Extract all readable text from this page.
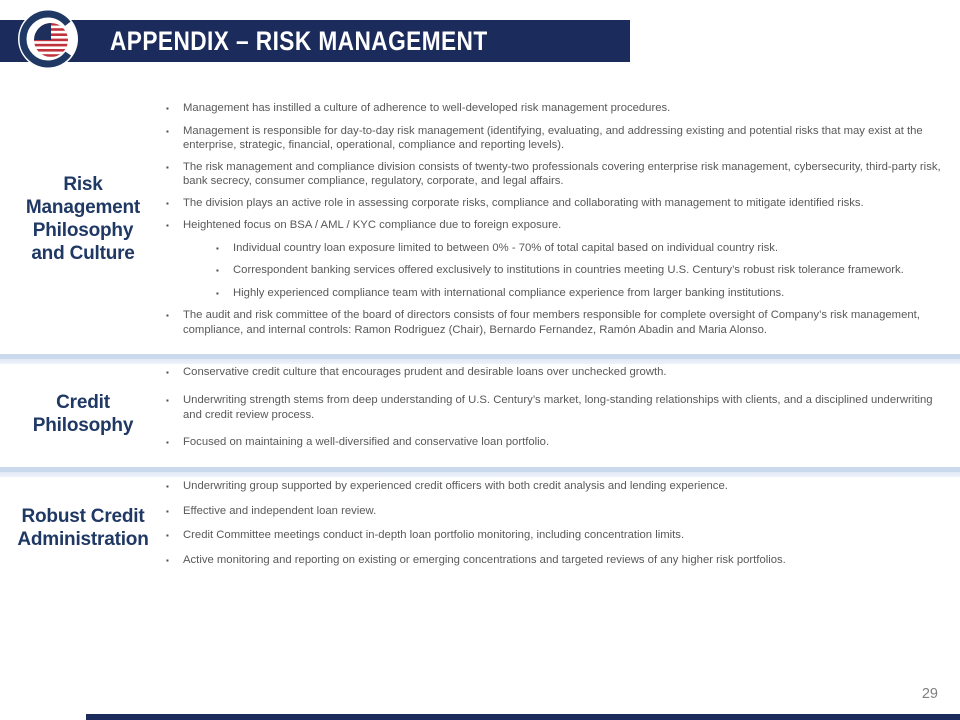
APPENDIX – RISK MANAGEMENT
Risk
Management
Philosophy
and Culture
▪
Management has instilled a culture of adherence to well-developed risk management procedures.
▪
Management is responsible for day-to-day risk management (identifying, evaluating, and addressing existing and potential risks that may exist at the enterprise, strategic, financial, operational, compliance and reporting levels).
▪
The risk management and compliance division consists of twenty-two professionals covering enterprise risk management, cybersecurity, third-party risk, bank secrecy, consumer compliance, regulatory, corporate, and legal affairs.
▪
The division plays an active role in assessing corporate risks, compliance and collaborating with management to mitigate identified risks.
▪
Heightened focus on BSA / AML / KYC compliance due to foreign exposure.
▪
Individual country loan exposure limited to between 0% - 70% of total capital based on individual country risk.
▪
Correspondent banking services offered exclusively to institutions in countries meeting U.S. Century’s robust risk tolerance framework.
▪
Highly experienced compliance team with international compliance experience from larger banking institutions.
▪
The audit and risk committee of the board of directors consists of four members responsible for complete oversight of Company’s risk management, compliance, and internal controls: Ramon Rodriguez (Chair), Bernardo Fernandez, Ramón Abadin and Maria Alonso.
Credit
Philosophy
▪
Conservative credit culture that encourages prudent and desirable loans over unchecked growth.
▪
Underwriting strength stems from deep understanding of U.S. Century’s market, long-standing relationships with clients, and a disciplined underwriting and credit review process.
▪
Focused on maintaining a well-diversified and conservative loan portfolio.
Robust Credit
Administration
▪
Underwriting group supported by experienced credit officers with both credit analysis and lending experience.
▪
Effective and independent loan review.
▪
Credit Committee meetings conduct in-depth loan portfolio monitoring, including concentration limits.
▪
Active monitoring and reporting on existing or emerging concentrations and targeted reviews of any higher risk portfolios.
29
